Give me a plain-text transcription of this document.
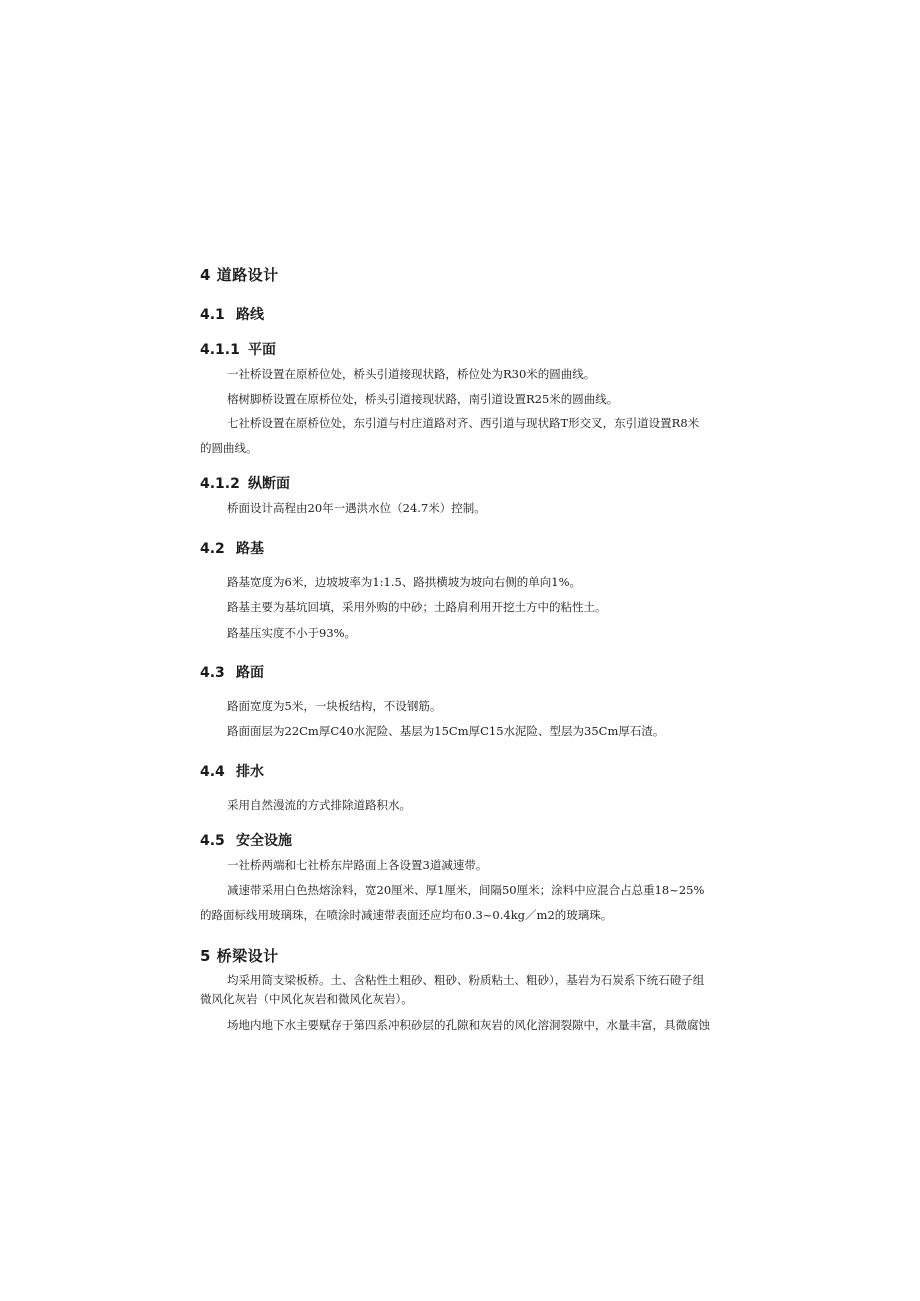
4 道路设计
4.1 路线
4.1.1 平面
一社桥设置在原桥位处，桥头引道接现状路，桥位处为R30米的圆曲线。
榕树脚桥设置在原桥位处，桥头引道接现状路，南引道设置R25米的圆曲线。
七社桥设置在原桥位处，东引道与村庄道路对齐、西引道与现状路T形交叉，东引道设置R8米
的圆曲线。
4.1.2 纵断面
桥面设计高程由20年一遇洪水位（24.7米）控制。
4.2 路基
路基宽度为6米，边坡坡率为1:1.5、路拱横坡为坡向右侧的单向1%。
路基主要为基坑回填，采用外购的中砂；土路肩利用开挖土方中的粘性土。
路基压实度不小于93%。
4.3 路面
路面宽度为5米，一块板结构，不设钢筋。
路面面层为22Cm厚C40水泥险、基层为15Cm厚C15水泥险、型层为35Cm厚石渣。
4.4 排水
采用自然漫流的方式排除道路积水。
4.5 安全设施
一社桥两端和七社桥东岸路面上各设置3道减速带。
减速带采用白色热熔涂料，宽20厘米、厚1厘米，间隔50厘米；涂料中应混合占总重18~25%
的路面标线用玻璃珠，在喷涂时减速带表面还应均布0.3~0.4kg／m2的玻璃珠。
5 桥梁设计
均采用简支梁板桥。土、含粘性土粗砂、粗砂、粉质粘土、粗砂），基岩为石炭系下统石磴子组
微风化灰岩（中风化灰岩和微风化灰岩）。
场地内地下水主要赋存于第四系冲积砂层的孔隙和灰岩的风化溶洞裂隙中，水量丰富，具微腐蚀
